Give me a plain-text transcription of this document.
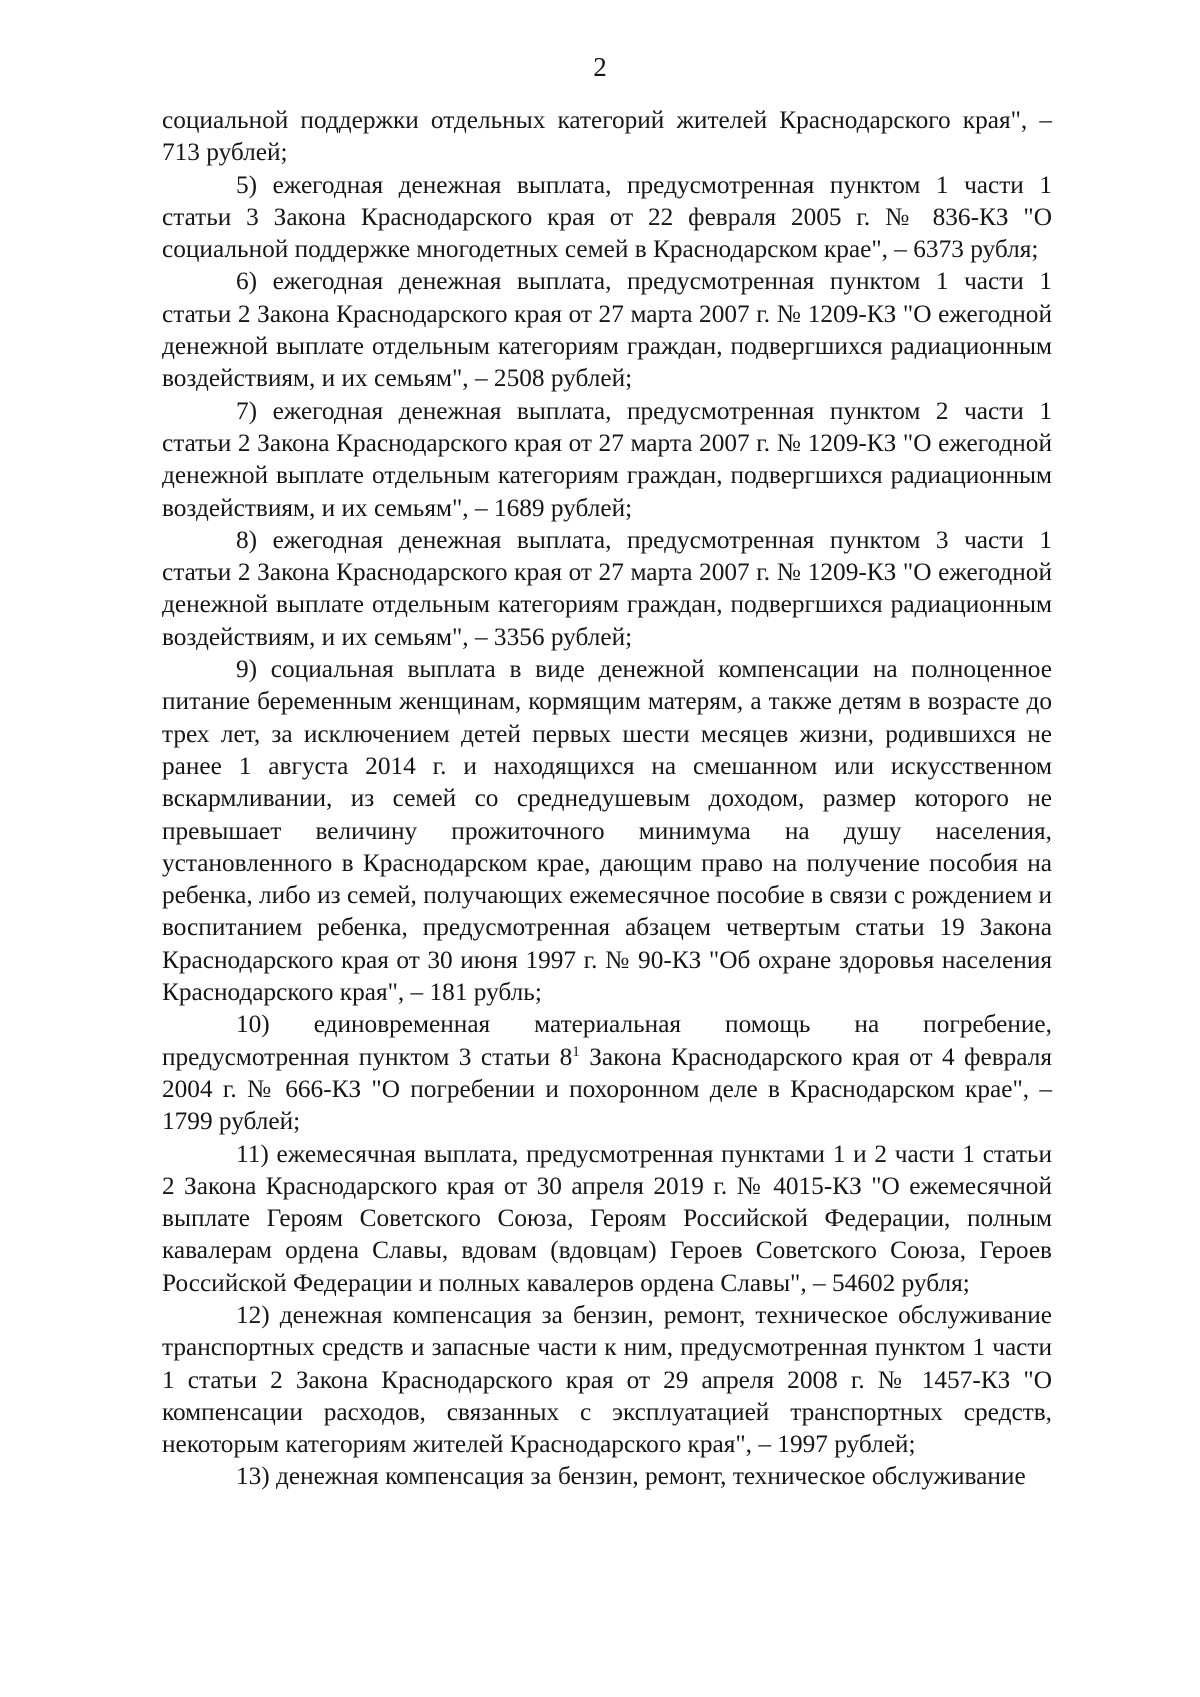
2

социальной поддержки отдельных категорий жителей Краснодарского края", – 713 рублей;

5) ежегодная денежная выплата, предусмотренная пунктом 1 части 1 статьи 3 Закона Краснодарского края от 22 февраля 2005 г. № 836-КЗ "О социальной поддержке многодетных семей в Краснодарском крае", – 6373 рубля;

6) ежегодная денежная выплата, предусмотренная пунктом 1 части 1 статьи 2 Закона Краснодарского края от 27 марта 2007 г. № 1209-КЗ "О ежегодной денежной выплате отдельным категориям граждан, подвергшихся радиационным воздействиям, и их семьям", – 2508 рублей;

7) ежегодная денежная выплата, предусмотренная пунктом 2 части 1 статьи 2 Закона Краснодарского края от 27 марта 2007 г. № 1209-КЗ "О ежегодной денежной выплате отдельным категориям граждан, подвергшихся радиационным воздействиям, и их семьям", – 1689 рублей;

8) ежегодная денежная выплата, предусмотренная пунктом 3 части 1 статьи 2 Закона Краснодарского края от 27 марта 2007 г. № 1209-КЗ "О ежегодной денежной выплате отдельным категориям граждан, подвергшихся радиационным воздействиям, и их семьям", – 3356 рублей;

9) социальная выплата в виде денежной компенсации на полноценное питание беременным женщинам, кормящим матерям, а также детям в возрасте до трех лет, за исключением детей первых шести месяцев жизни, родившихся не ранее 1 августа 2014 г. и находящихся на смешанном или искусственном вскармливании, из семей со среднедушевым доходом, размер которого не превышает величину прожиточного минимума на душу населения, установленного в Краснодарском крае, дающим право на получение пособия на ребенка, либо из семей, получающих ежемесячное пособие в связи с рождением и воспитанием ребенка, предусмотренная абзацем четвертым статьи 19 Закона Краснодарского края от 30 июня 1997 г. № 90-КЗ "Об охране здоровья населения Краснодарского края", – 181 рубль;

10) единовременная материальная помощь на погребение, предусмотренная пунктом 3 статьи $8^1$ Закона Краснодарского края от 4 февраля 2004 г. № 666-КЗ "О погребении и похоронном деле в Краснодарском крае", – 1799 рублей;

11) ежемесячная выплата, предусмотренная пунктами 1 и 2 части 1 статьи 2 Закона Краснодарского края от 30 апреля 2019 г. № 4015-КЗ "О ежемесячной выплате Героям Советского Союза, Героям Российской Федерации, полным кавалерам ордена Славы, вдовам (вдовцам) Героев Советского Союза, Героев Российской Федерации и полных кавалеров ордена Славы", – 54602 рубля;

12) денежная компенсация за бензин, ремонт, техническое обслуживание транспортных средств и запасные части к ним, предусмотренная пунктом 1 части 1 статьи 2 Закона Краснодарского края от 29 апреля 2008 г. № 1457-КЗ "О компенсации расходов, связанных с эксплуатацией транспортных средств, некоторым категориям жителей Краснодарского края", – 1997 рублей;

13) денежная компенсация за бензин, ремонт, техническое обслуживание
